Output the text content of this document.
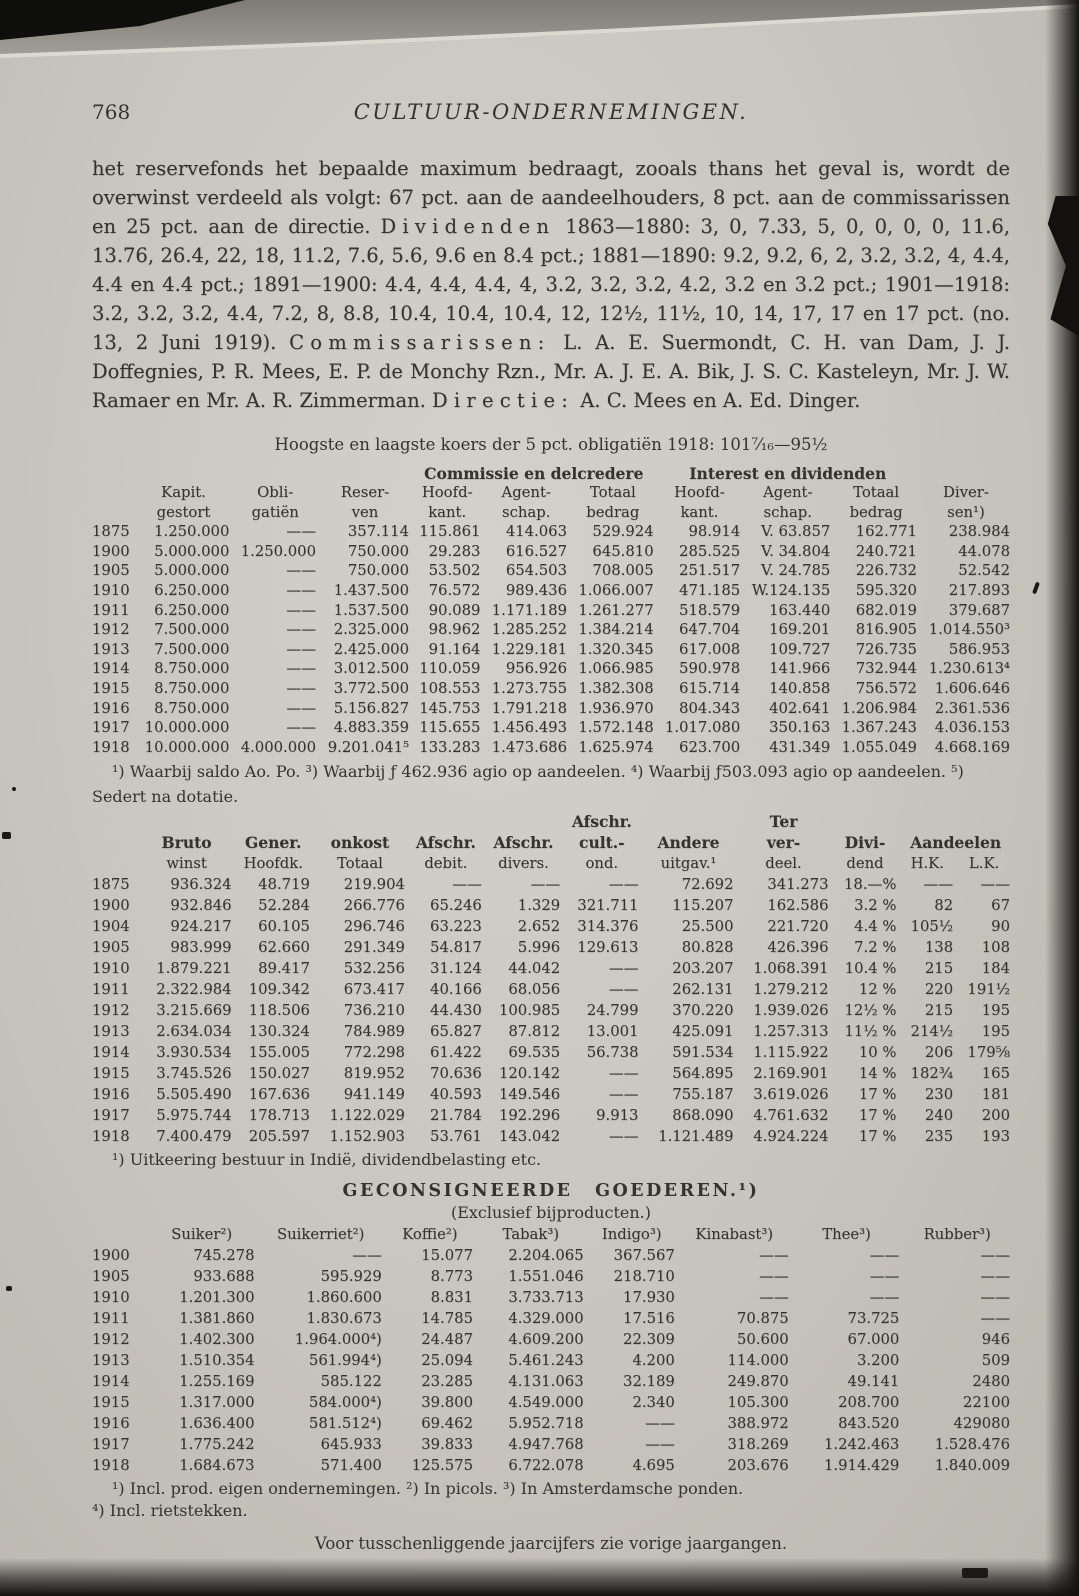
768	CULTUUR-ONDERNEMINGEN.

het reservefonds het bepaalde maximum bedraagt, zooals thans het geval is, wordt de overwinst verdeeld als volgt: 67 pct. aan de aandeelhouders, 8 pct. aan de commissarissen en 25 pct. aan de directie. Dividenden 1863—1880: 3, 0, 7.33, 5, 0, 0, 0, 0, 11.6, 13.76, 26.4, 22, 18, 11.2, 7.6, 5.6, 9.6 en 8.4 pct.; 1881—1890: 9.2, 9.2, 6, 2, 3.2, 3.2, 4, 4.4, 4.4 en 4.4 pct.; 1891—1900: 4.4, 4.4, 4.4, 4, 3.2, 3.2, 3.2, 4.2, 3.2 en 3.2 pct.; 1901—1918: 3.2, 3.2, 3.2, 4.4, 7.2, 8, 8.8, 10.4, 10.4, 10.4, 12, 12½, 11½, 10, 14, 17, 17 en 17 pct. (no. 13, 2 Juni 1919). Commissarissen: L. A. E. Suermondt, C. H. van Dam, J. J. Doffegnies, P. R. Mees, E. P. de Monchy Rzn., Mr. A. J. E. A. Bik, J. S. C. Kasteleyn, Mr. J. W. Ramaer en Mr. A. R. Zimmerman. Directie: A. C. Mees en A. Ed. Dinger.

Hoogste en laagste koers der 5 pct. obligatiën 1918: 101⁷⁄₁₆—95½
				Commissie en delcredere			Interest en dividenden			
	Kapit.	Obli-	Reser-	Hoofd-	Agent-	Totaal	Hoofd-	Agent-	Totaal	Diver-
	gestort	gatiën	ven	kant.	schap.	bedrag	kant.	schap.	bedrag	sen¹)
1875	1.250.000	——	357.114	115.861	414.063	529.924	98.914	V. 63.857	162.771	238.984
1900	5.000.000	1.250.000	750.000	29.283	616.527	645.810	285.525	V. 34.804	240.721	44.078
1905	5.000.000	——	750.000	53.502	654.503	708.005	251.517	V. 24.785	226.732	52.542
1910	6.250.000	——	1.437.500	76.572	989.436	1.066.007	471.185	W.124.135	595.320	217.893
1911	6.250.000	——	1.537.500	90.089	1.171.189	1.261.277	518.579	163.440	682.019	379.687
1912	7.500.000	——	2.325.000	98.962	1.285.252	1.384.214	647.704	169.201	816.905	1.014.550³
1913	7.500.000	——	2.425.000	91.164	1.229.181	1.320.345	617.008	109.727	726.735	586.953
1914	8.750.000	——	3.012.500	110.059	956.926	1.066.985	590.978	141.966	732.944	1.230.613⁴
1915	8.750.000	——	3.772.500	108.553	1.273.755	1.382.308	615.714	140.858	756.572	1.606.646
1916	8.750.000	——	5.156.827	145.753	1.791.218	1.936.970	804.343	402.641	1.206.984	2.361.536
1917	10.000.000	——	4.883.359	115.655	1.456.493	1.572.148	1.017.080	350.163	1.367.243	4.036.153
1918	10.000.000	4.000.000	9.201.041⁵	133.283	1.473.686	1.625.974	623.700	431.349	1.055.049	4.668.169

¹) Waarbij saldo Ao. Po. ³) Waarbij ƒ 462.936 agio op aandeelen. ⁴) Waarbij ƒ503.093 agio op aandeelen. ⁵) Sedert na dotatie.

						Afschr.		Ter			
	Bruto	Gener.	onkost	Afschr.	Afschr.	cult.-	Andere	ver-	Divi-	Aandeelen	
	winst	Hoofdk.	Totaal	debit.	divers.	ond.	uitgav.¹	deel.	dend	H.K.	L.K.
1875	936.324	48.719	219.904	——	——	——	72.692	341.273	18.—%	——	——
1900	932.846	52.284	266.776	65.246	1.329	321.711	115.207	162.586	3.2 %	82	67
1904	924.217	60.105	296.746	63.223	2.652	314.376	25.500	221.720	4.4 %	105½	90
1905	983.999	62.660	291.349	54.817	5.996	129.613	80.828	426.396	7.2 %	138	108
1910	1.879.221	89.417	532.256	31.124	44.042	——	203.207	1.068.391	10.4 %	215	184
1911	2.322.984	109.342	673.417	40.166	68.056	——	262.131	1.279.212	12 %	220	191½
1912	3.215.669	118.506	736.210	44.430	100.985	24.799	370.220	1.939.026	12½ %	215	195
1913	2.634.034	130.324	784.989	65.827	87.812	13.001	425.091	1.257.313	11½ %	214½	195
1914	3.930.534	155.005	772.298	61.422	69.535	56.738	591.534	1.115.922	10 %	206	179⅝
1915	3.745.526	150.027	819.952	70.636	120.142	——	564.895	2.169.901	14 %	182¾	165
1916	5.505.490	167.636	941.149	40.593	149.546	——	755.187	3.619.026	17 %	230	181
1917	5.975.744	178.713	1.122.029	21.784	192.296	9.913	868.090	4.761.632	17 %	240	200
1918	7.400.479	205.597	1.152.903	53.761	143.042	——	1.121.489	4.924.224	17 %	235	193

¹) Uitkeering bestuur in Indië, dividendbelasting etc.

GECONSIGNEERDE GOEDEREN.¹)
(Exclusief bijproducten.)
	Suiker²)	Suikerriet²)	Koffie²)	Tabak³)	Indigo³)	Kinabast³)	Thee³)	Rubber³)
1900	745.278	——	15.077	2.204.065	367.567	——	——	——
1905	933.688	595.929	8.773	1.551.046	218.710	——	——	——
1910	1.201.300	1.860.600	8.831	3.733.713	17.930	——	——	——
1911	1.381.860	1.830.673	14.785	4.329.000	17.516	70.875	73.725	——
1912	1.402.300	1.964.000⁴)	24.487	4.609.200	22.309	50.600	67.000	946
1913	1.510.354	561.994⁴)	25.094	5.461.243	4.200	114.000	3.200	509
1914	1.255.169	585.122	23.285	4.131.063	32.189	249.870	49.141	2480
1915	1.317.000	584.000⁴)	39.800	4.549.000	2.340	105.300	208.700	22100
1916	1.636.400	581.512⁴)	69.462	5.952.718	——	388.972	843.520	429080
1917	1.775.242	645.933	39.833	4.947.768	——	318.269	1.242.463	1.528.476
1918	1.684.673	571.400	125.575	6.722.078	4.695	203.676	1.914.429	1.840.009

¹) Incl. prod. eigen ondernemingen. ²) In picols. ³) In Amsterdamsche ponden.

⁴) Incl. rietstekken.

Voor tusschenliggende jaarcijfers zie vorige jaargangen.
